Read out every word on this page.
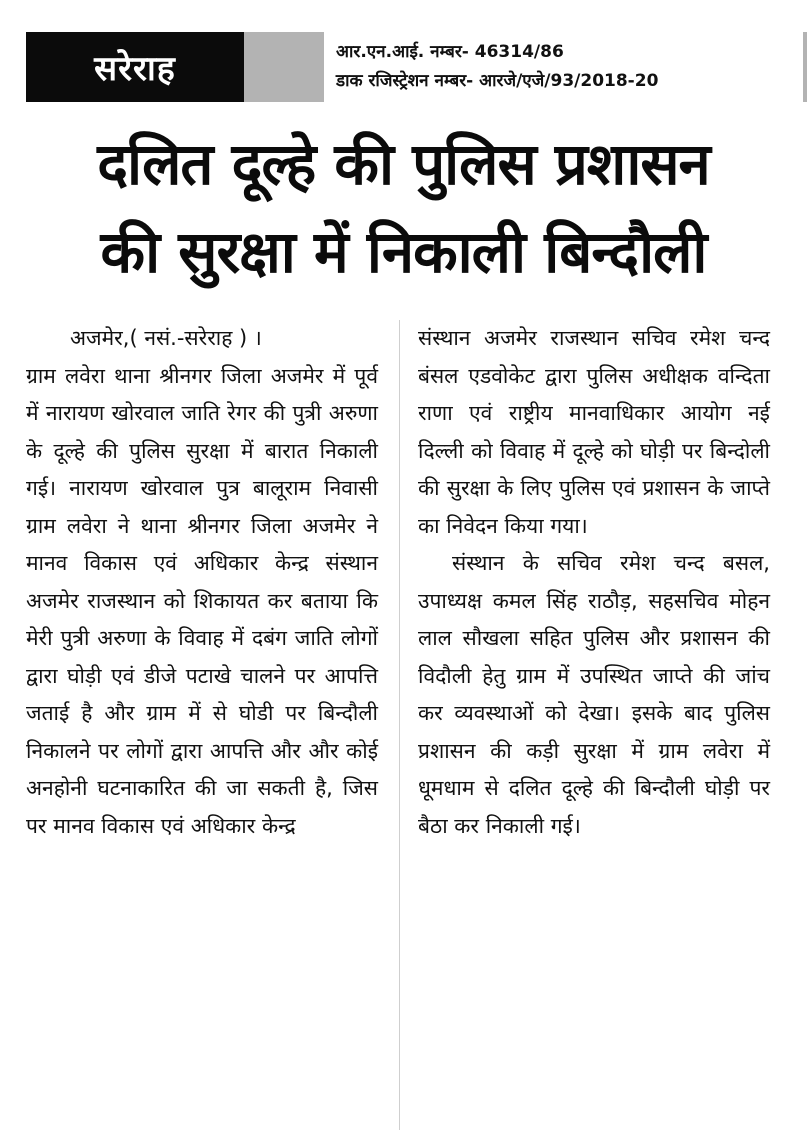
सरेराह	आर.एन.आई. नम्बर- 46314/86
डाक रजिस्ट्रेशन नम्बर- आरजे/एजे/93/2018-20
दलित दूल्हे की पुलिस प्रशासन
की सुरक्षा में निकाली बिन्दौली

अजमेर,( नसं.-सरेराह ) ।

ग्राम लवेरा थाना श्रीनगर जिला अजमेर में पूर्व में नारायण खोरवाल जाति रेगर की पुत्री अरुणा के दूल्हे की पुलिस सुरक्षा में बारात निकाली गई। नारायण खोरवाल पुत्र बालूराम निवासी ग्राम लवेरा ने थाना श्रीनगर जिला अजमेर ने मानव विकास एवं अधिकार केन्द्र संस्थान अजमेर राजस्थान को शिकायत कर बताया कि मेरी पुत्री अरुणा के विवाह में दबंग जाति लोगों द्वारा घोड़ी एवं डीजे पटाखे चालने पर आपत्ति जताई है और ग्राम में से घोडी पर बिन्दौली निकालने पर लोगों द्वारा आपत्ति और और कोई अनहोनी घटनाकारित की जा सकती है, जिस पर मानव विकास एवं अधिकार केन्द्र

संस्थान अजमेर राजस्थान सचिव रमेश चन्द बंसल एडवोकेट द्वारा पुलिस अधीक्षक वन्दिता राणा एवं राष्ट्रीय मानवाधिकार आयोग नई दिल्ली को विवाह में दूल्हे को घोड़ी पर बिन्दोली की सुरक्षा के लिए पुलिस एवं प्रशासन के जाप्ते का निवेदन किया गया।

संस्थान के सचिव रमेश चन्द बसल, उपाध्यक्ष कमल सिंह राठौड़, सहसचिव मोहन लाल सौखला सहित पुलिस और प्रशासन की विदौली हेतु ग्राम में उपस्थित जाप्ते की जांच कर व्यवस्थाओं को देखा। इसके बाद पुलिस प्रशासन की कड़ी सुरक्षा में ग्राम लवेरा में धूमधाम से दलित दूल्हे की बिन्दौली घोड़ी पर बैठा कर निकाली गई।
